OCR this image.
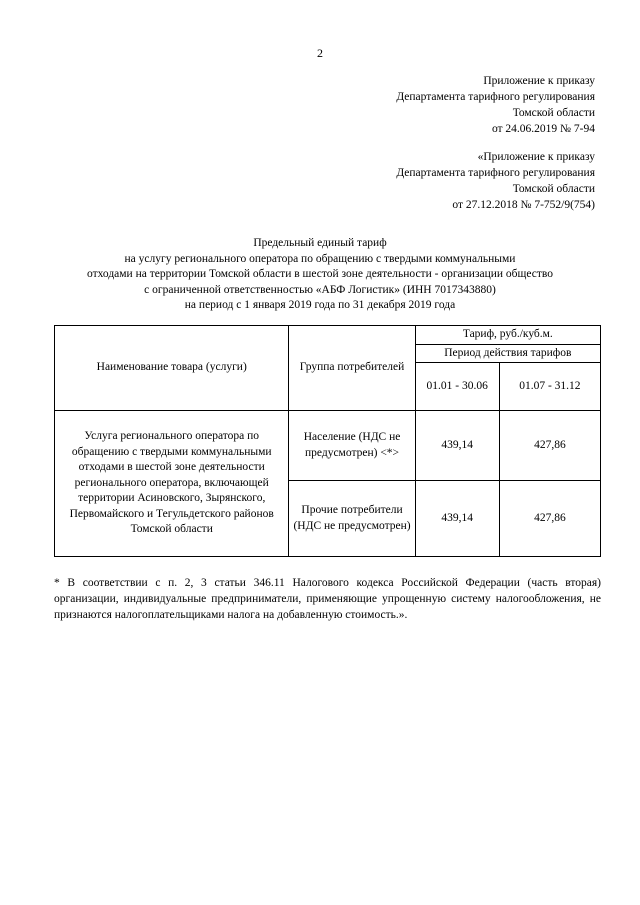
2
Приложение к приказу
Департамента тарифного регулирования
Томской области
от 24.06.2019 № 7-94
«Приложение к приказу
Департамента тарифного регулирования
Томской области
от 27.12.2018 № 7-752/9(754)
Предельный единый тариф
на услугу регионального оператора по обращению с твердыми коммунальными
отходами на территории Томской области в шестой зоне деятельности - организации общество
с ограниченной ответственностью «АБФ Логистик» (ИНН 7017343880)
на период с 1 января 2019 года по 31 декабря 2019 года
Наименование товара (услуги)	Группа потребителей	Тариф, руб./куб.м.	
		Период действия тарифов	
		01.01 - 30.06	01.07 - 31.12
Услуга регионального оператора по обращению с твердыми коммунальными отходами в шестой зоне деятельности регионального оператора, включающей территории Асиновского, Зырянского, Первомайского и Тегульдетского районов Томской области	Население (НДС не предусмотрен) <*>	439,14	427,86
	Прочие потребители (НДС не предусмотрен)	439,14	427,86
* В соответствии с п. 2, 3 статьи 346.11 Налогового кодекса Российской Федерации (часть вторая) организации, индивидуальные предприниматели, применяющие упрощенную систему налогообложения, не признаются налогоплательщиками налога на добавленную стоимость.».
